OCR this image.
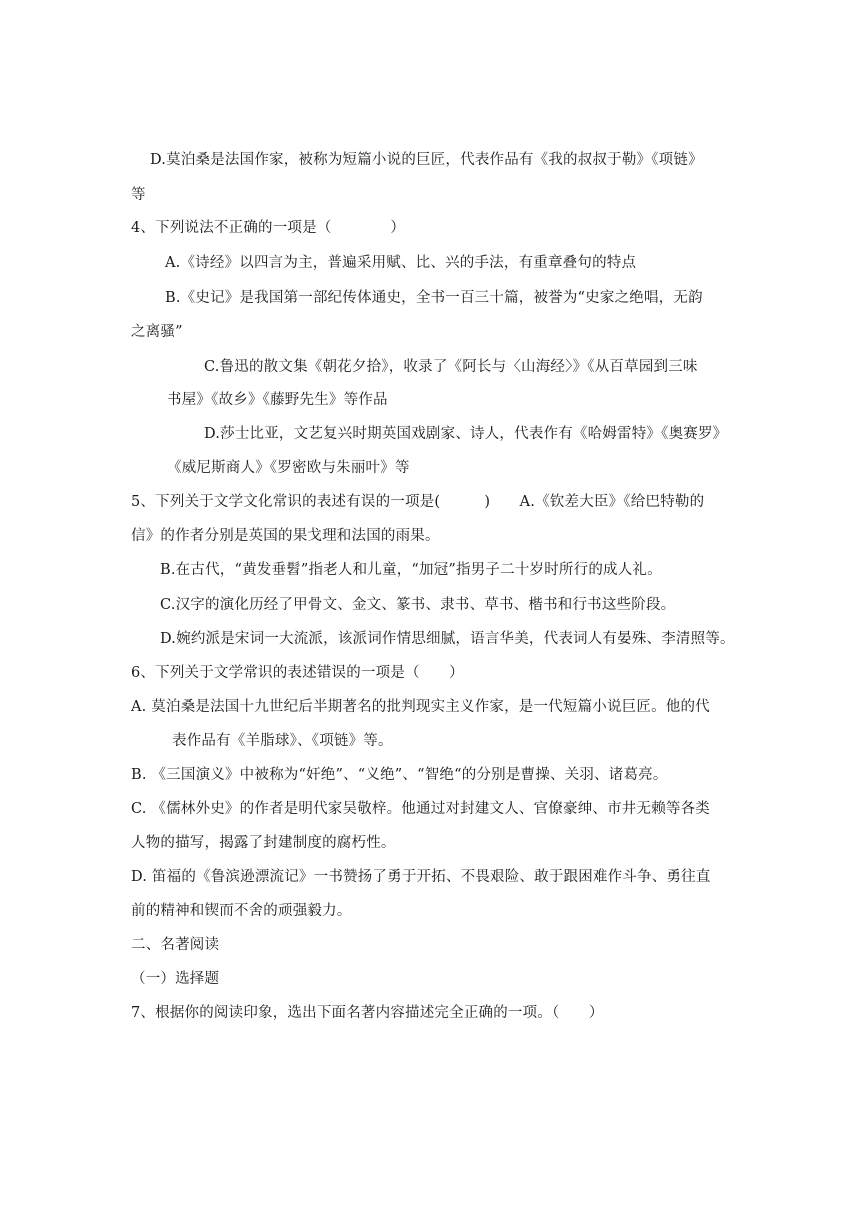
D.莫泊桑是法国作家，被称为短篇小说的巨匠，代表作品有《我的叔叔于勒》《项链》
等
4、下列说法不正确的一项是（　　　　）
A.《诗经》以四言为主，普遍采用赋、比、兴的手法，有重章叠句的特点
B.《史记》是我国第一部纪传体通史，全书一百三十篇，被誉为“史家之绝唱，无韵
之离骚”
C.鲁迅的散文集《朝花夕拾》，收录了《阿长与〈山海经〉》《从百草园到三味
书屋》《故乡》《藤野先生》等作品
D.莎士比亚，文艺复兴时期英国戏剧家、诗人，代表作有《哈姆雷特》《奥赛罗》
《威尼斯商人》《罗密欧与朱丽叶》等
5、下列关于文学文化常识的表述有误的一项是(　　　)　　A.《钦差大臣》《给巴特勒的
信》的作者分别是英国的果戈理和法国的雨果。
B.在古代，“黄发垂髫”指老人和儿童，“加冠”指男子二十岁时所行的成人礼。
C.汉字的演化历经了甲骨文、金文、篆书、隶书、草书、楷书和行书这些阶段。
D.婉约派是宋词一大流派，该派词作情思细腻，语言华美，代表词人有晏殊、李清照等。
6、下列关于文学常识的表述错误的一项是（　　）
A. 莫泊桑是法国十九世纪后半期著名的批判现实主义作家，是一代短篇小说巨匠。他的代
表作品有《羊脂球》、《项链》等。
B. 《三国演义》中被称为“奸绝”、“义绝”、“智绝“的分别是曹操、关羽、诸葛亮。
C. 《儒林外史》的作者是明代家吴敬梓。他通过对封建文人、官僚豪绅、市井无赖等各类
人物的描写，揭露了封建制度的腐朽性。
D. 笛福的《鲁滨逊漂流记》一书赞扬了勇于开拓、不畏艰险、敢于跟困难作斗争、勇往直
前的精神和锲而不舍的顽强毅力。
二、名著阅读
（一）选择题
7、根据你的阅读印象，选出下面名著内容描述完全正确的一项。（　　）
